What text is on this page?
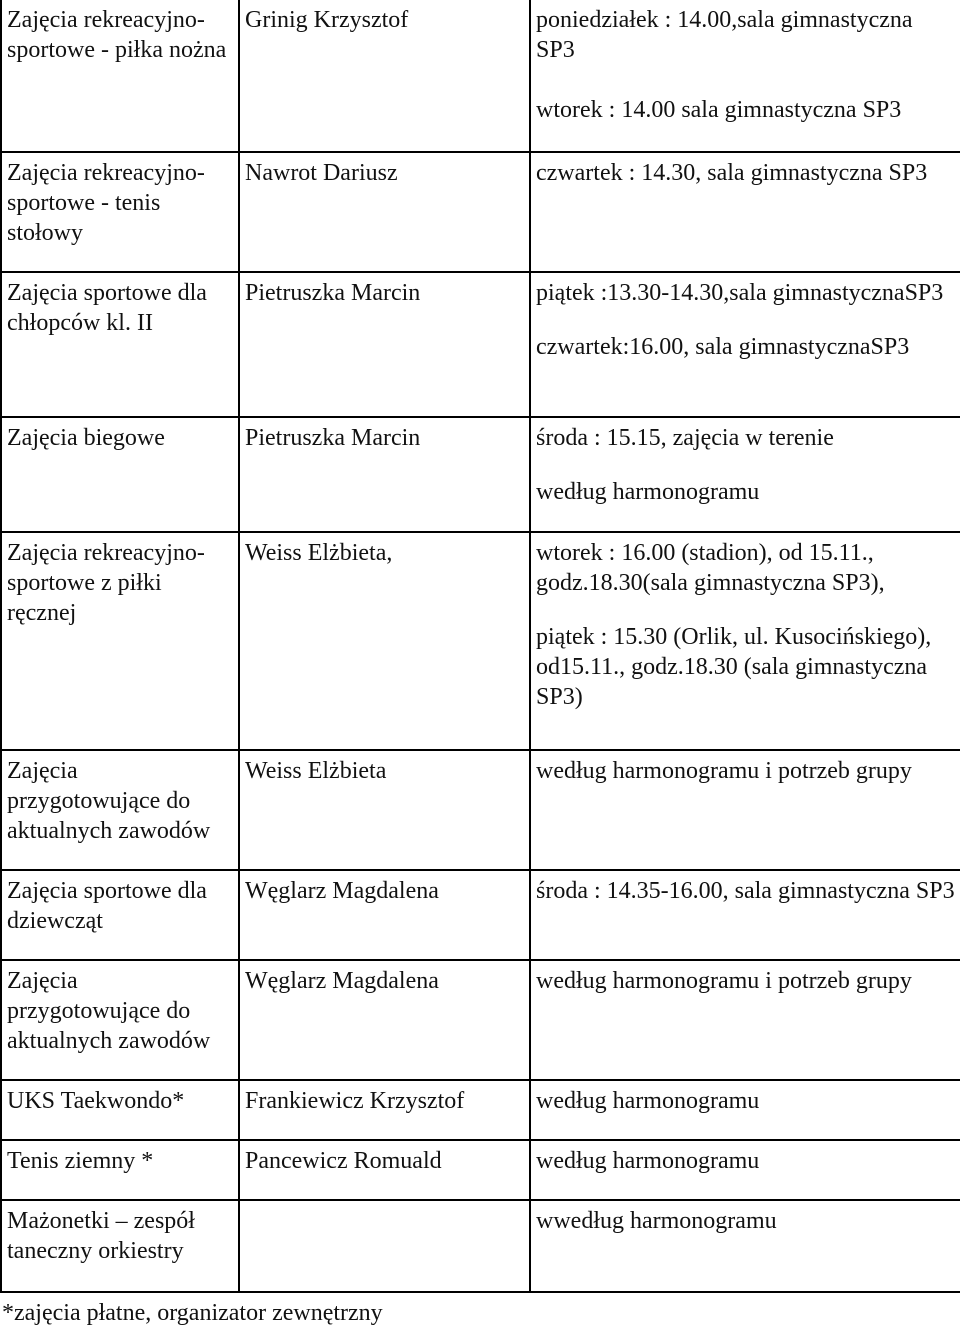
Zajęcia rekreacyjno-sportowe - piłka nożna	Grinig Krzysztof	poniedziałek : 14.00,sala gimnastyczna SP3
wtorek : 14.00 sala gimnastyczna SP3

Zajęcia rekreacyjno-sportowe - tenis stołowy	Nawrot Dariusz	czwartek : 14.30, sala gimnastyczna SP3

Zajęcia sportowe dla chłopców kl. II	Pietruszka Marcin	piątek :13.30-14.30,sala gimnastycznaSP3
czwartek:16.00, sala gimnastycznaSP3

Zajęcia biegowe	Pietruszka Marcin	środa : 15.15, zajęcia w terenie
według harmonogramu

Zajęcia rekreacyjno-sportowe z piłki ręcznej	Weiss Elżbieta,	wtorek : 16.00 (stadion), od 15.11., godz.18.30(sala gimnastyczna SP3),
piątek : 15.30 (Orlik, ul. Kusocińskiego), od15.11., godz.18.30 (sala gimnastyczna SP3)

Zajęcia przygotowujące do aktualnych zawodów	Weiss Elżbieta	według harmonogramu i potrzeb grupy

Zajęcia sportowe dla dziewcząt	Węglarz Magdalena	środa : 14.35-16.00, sala gimnastyczna SP3

Zajęcia przygotowujące do aktualnych zawodów	Węglarz Magdalena	według harmonogramu i potrzeb grupy

UKS Taekwondo*	Frankiewicz Krzysztof	według harmonogramu

Tenis ziemny *	Pancewicz Romuald	według harmonogramu

Mażonetki – zespół taneczny orkiestry		wwedług harmonogramu

*zajęcia płatne, organizator zewnętrzny
